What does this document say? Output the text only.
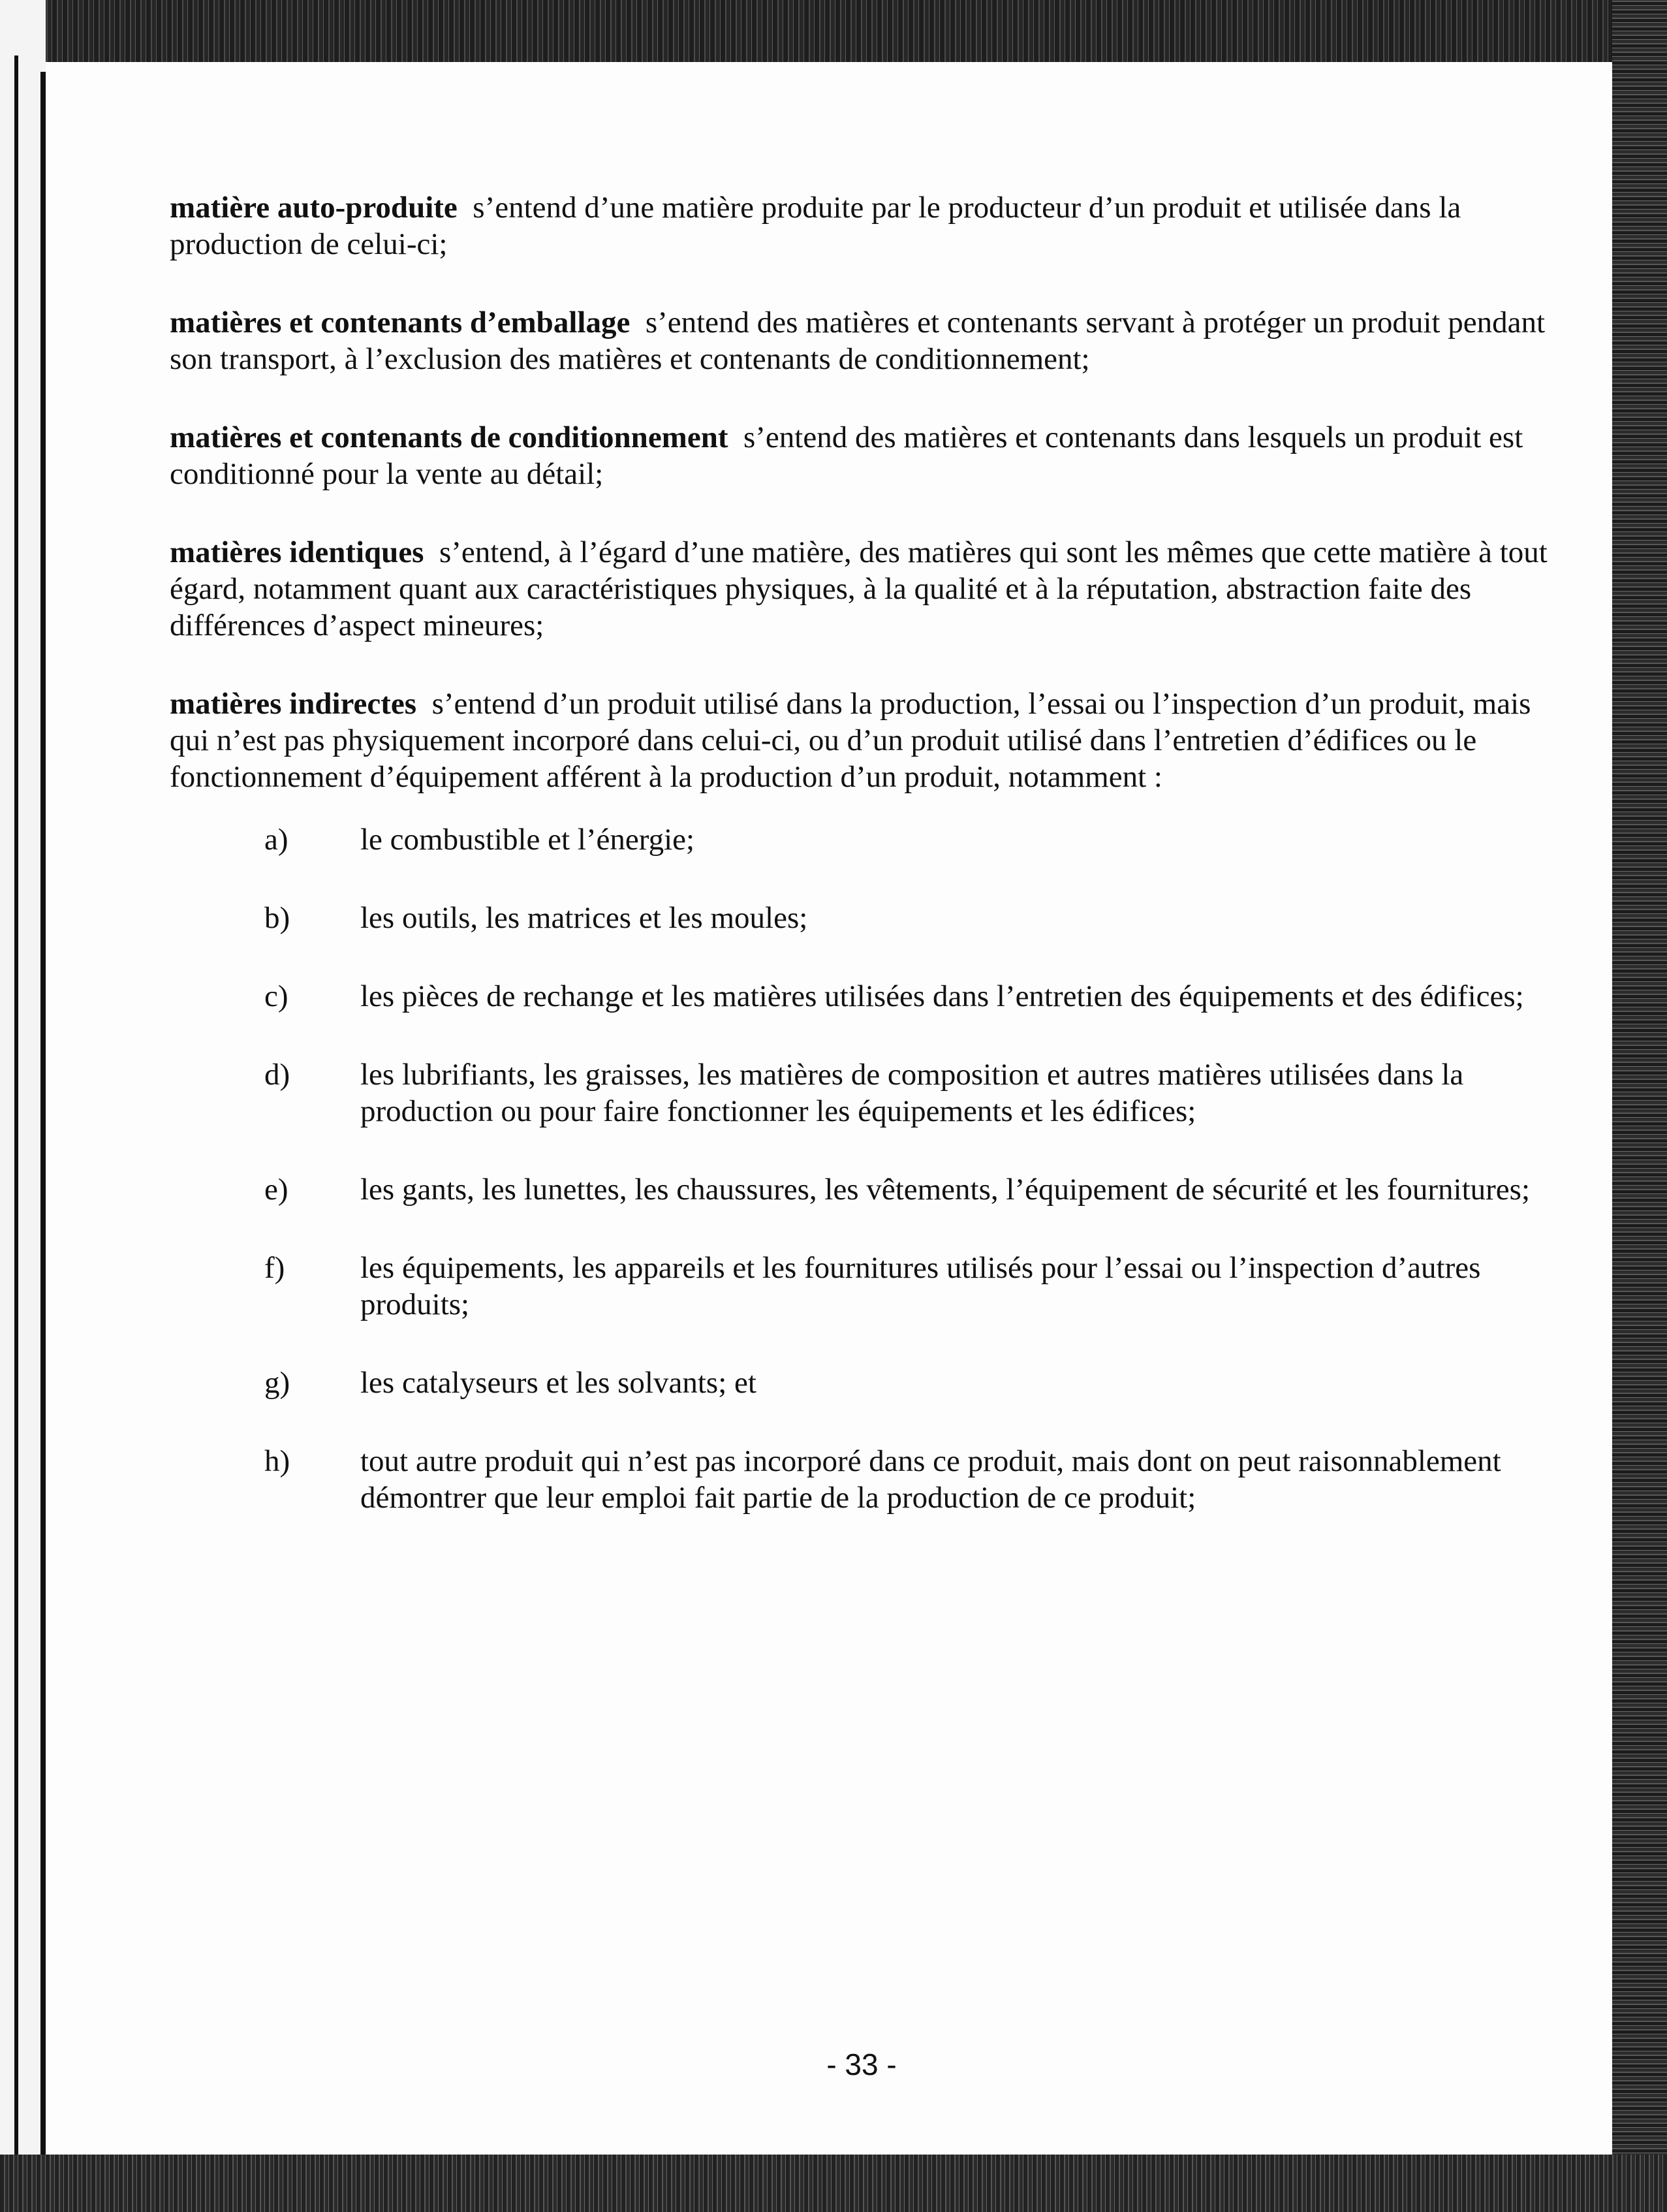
matière auto-produite s’entend d’une matière produite par le producteur d’un produit et utilisée dans la production de celui-ci;

matières et contenants d’emballage s’entend des matières et contenants servant à protéger un produit pendant son transport, à l’exclusion des matières et contenants de conditionnement;

matières et contenants de conditionnement s’entend des matières et contenants dans lesquels un produit est conditionné pour la vente au détail;

matières identiques s’entend, à l’égard d’une matière, des matières qui sont les mêmes que cette matière à tout égard, notamment quant aux caractéristiques physiques, à la qualité et à la réputation, abstraction faite des différences d’aspect mineures;

matières indirectes s’entend d’un produit utilisé dans la production, l’essai ou l’inspection d’un produit, mais qui n’est pas physiquement incorporé dans celui-ci, ou d’un produit utilisé dans l’entretien d’édifices ou le fonctionnement d’équipement afférent à la production d’un produit, notamment :

a)	le combustible et l’énergie;
b)	les outils, les matrices et les moules;
c)	les pièces de rechange et les matières utilisées dans l’entretien des équipements et des édifices;
d)	les lubrifiants, les graisses, les matières de composition et autres matières utilisées dans la production ou pour faire fonctionner les équipements et les édifices;
e)	les gants, les lunettes, les chaussures, les vêtements, l’équipement de sécurité et les fournitures;
f)	les équipements, les appareils et les fournitures utilisés pour l’essai ou l’inspection d’autres produits;
g)	les catalyseurs et les solvants; et
h)	tout autre produit qui n’est pas incorporé dans ce produit, mais dont on peut raisonnablement démontrer que leur emploi fait partie de la production de ce produit;
- 33 -
